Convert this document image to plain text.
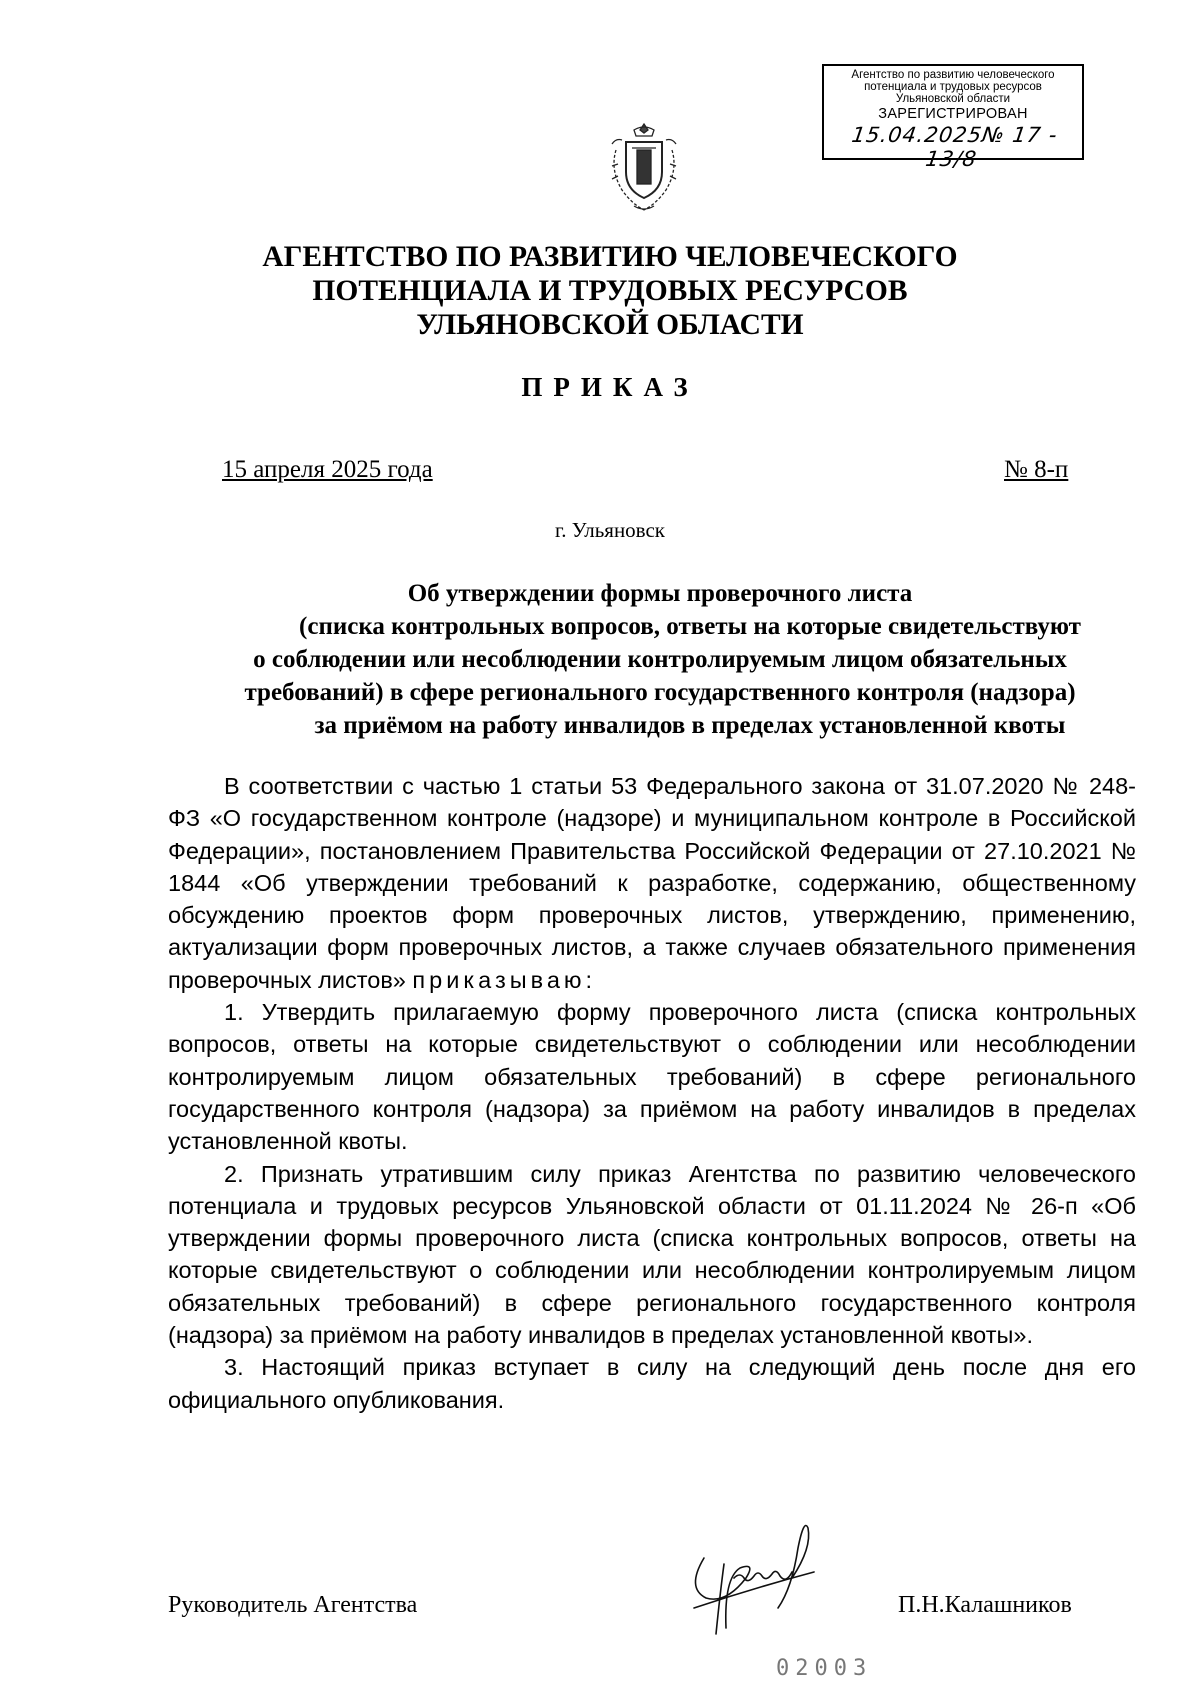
Агентство по развитию человеческого
потенциала и трудовых ресурсов
Ульяновской области
ЗАРЕГИСТРИРОВАН
15.04.2025№ 17 - 13/8
АГЕНТСТВО ПО РАЗВИТИЮ ЧЕЛОВЕЧЕСКОГО
ПОТЕНЦИАЛА И ТРУДОВЫХ РЕСУРСОВ
УЛЬЯНОВСКОЙ ОБЛАСТИ
ПРИКАЗ
15 апреля 2025 года	№ 8-п
г. Ульяновск
Об утверждении формы проверочного листа
(списка контрольных вопросов, ответы на которые свидетельствуют
о соблюдении или несоблюдении контролируемым лицом обязательных
требований) в сфере регионального государственного контроля (надзора)
за приёмом на работу инвалидов в пределах установленной квоты

В соответствии с частью 1 статьи 53 Федерального закона от 31.07.2020 № 248-ФЗ «О государственном контроле (надзоре) и муниципальном контроле в Российской Федерации», постановлением Правительства Российской Федерации от 27.10.2021 № 1844 «Об утверждении требований к разработке, содержанию, общественному обсуждению проектов форм проверочных листов, утверждению, применению, актуализации форм проверочных листов, а также случаев обязательного применения проверочных листов» приказываю:

1. Утвердить прилагаемую форму проверочного листа (списка контрольных вопросов, ответы на которые свидетельствуют о соблюдении или несоблюдении контролируемым лицом обязательных требований) в сфере регионального государственного контроля (надзора) за приёмом на работу инвалидов в пределах установленной квоты.

2. Признать утратившим силу приказ Агентства по развитию человеческого потенциала и трудовых ресурсов Ульяновской области от 01.11.2024 № 26-п «Об утверждении формы проверочного листа (списка контрольных вопросов, ответы на которые свидетельствуют о соблюдении или несоблюдении контролируемым лицом обязательных требований) в сфере регионального государственного контроля (надзора) за приёмом на работу инвалидов в пределах установленной квоты».

3. Настоящий приказ вступает в силу на следующий день после дня его официального опубликования.

Руководитель Агентства	П.Н.Калашников
02003
